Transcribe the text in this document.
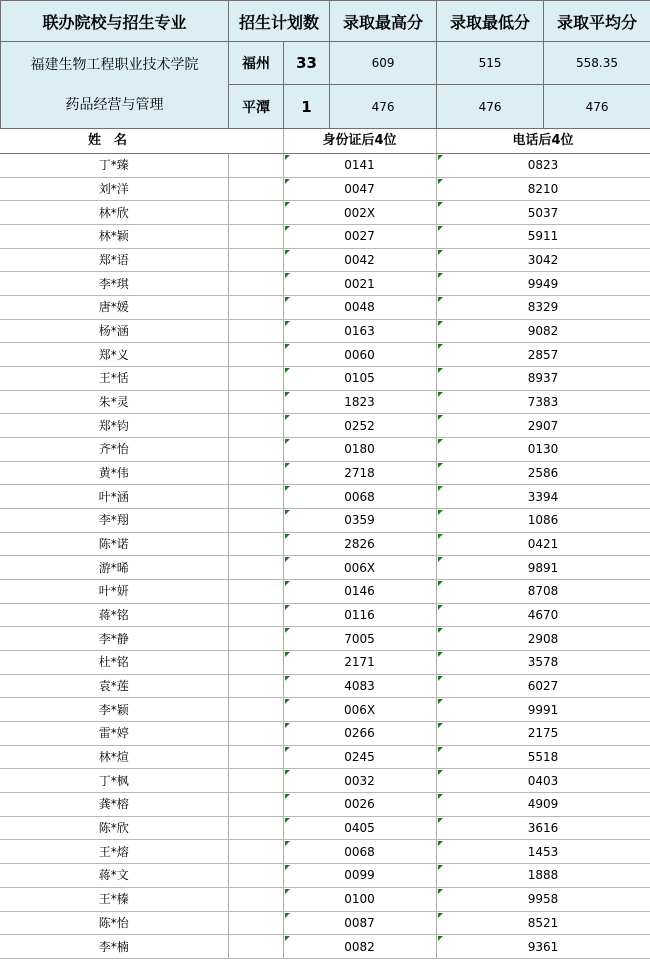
联办院校与招生专业	招生计划数		录取最高分	录取最低分	录取平均分

福建生物工程职业技术学院
药品经营与管理	福州	33	609	515	558.35
	平潭	1	476	476	476
姓　名		身份证后4位	电话后4位
丁*臻		0141	0823
刘*洋		0047	8210
林*欣		002X	5037
林*颖		0027	5911
郑*语		0042	3042
李*琪		0021	9949
唐*媛		0048	8329
杨*涵		0163	9082
郑*义		0060	2857
王*恬		0105	8937
朱*灵		1823	7383
郑*钧		0252	2907
齐*怡		0180	0130
黄*伟		2718	2586
叶*涵		0068	3394
李*翔		0359	1086
陈*诺		2826	0421
游*晞		006X	9891
叶*妍		0146	8708
蒋*铭		0116	4670
李*静		7005	2908
杜*铭		2171	3578
袁*莲		4083	6027
李*颖		006X	9991
雷*婷		0266	2175
林*煊		0245	5518
丁*枫		0032	0403
龚*榕		0026	4909
陈*欣		0405	3616
王*熔		0068	1453
蒋*文		0099	1888
王*榛		0100	9958
陈*怡		0087	8521
李*楠		0082	9361
